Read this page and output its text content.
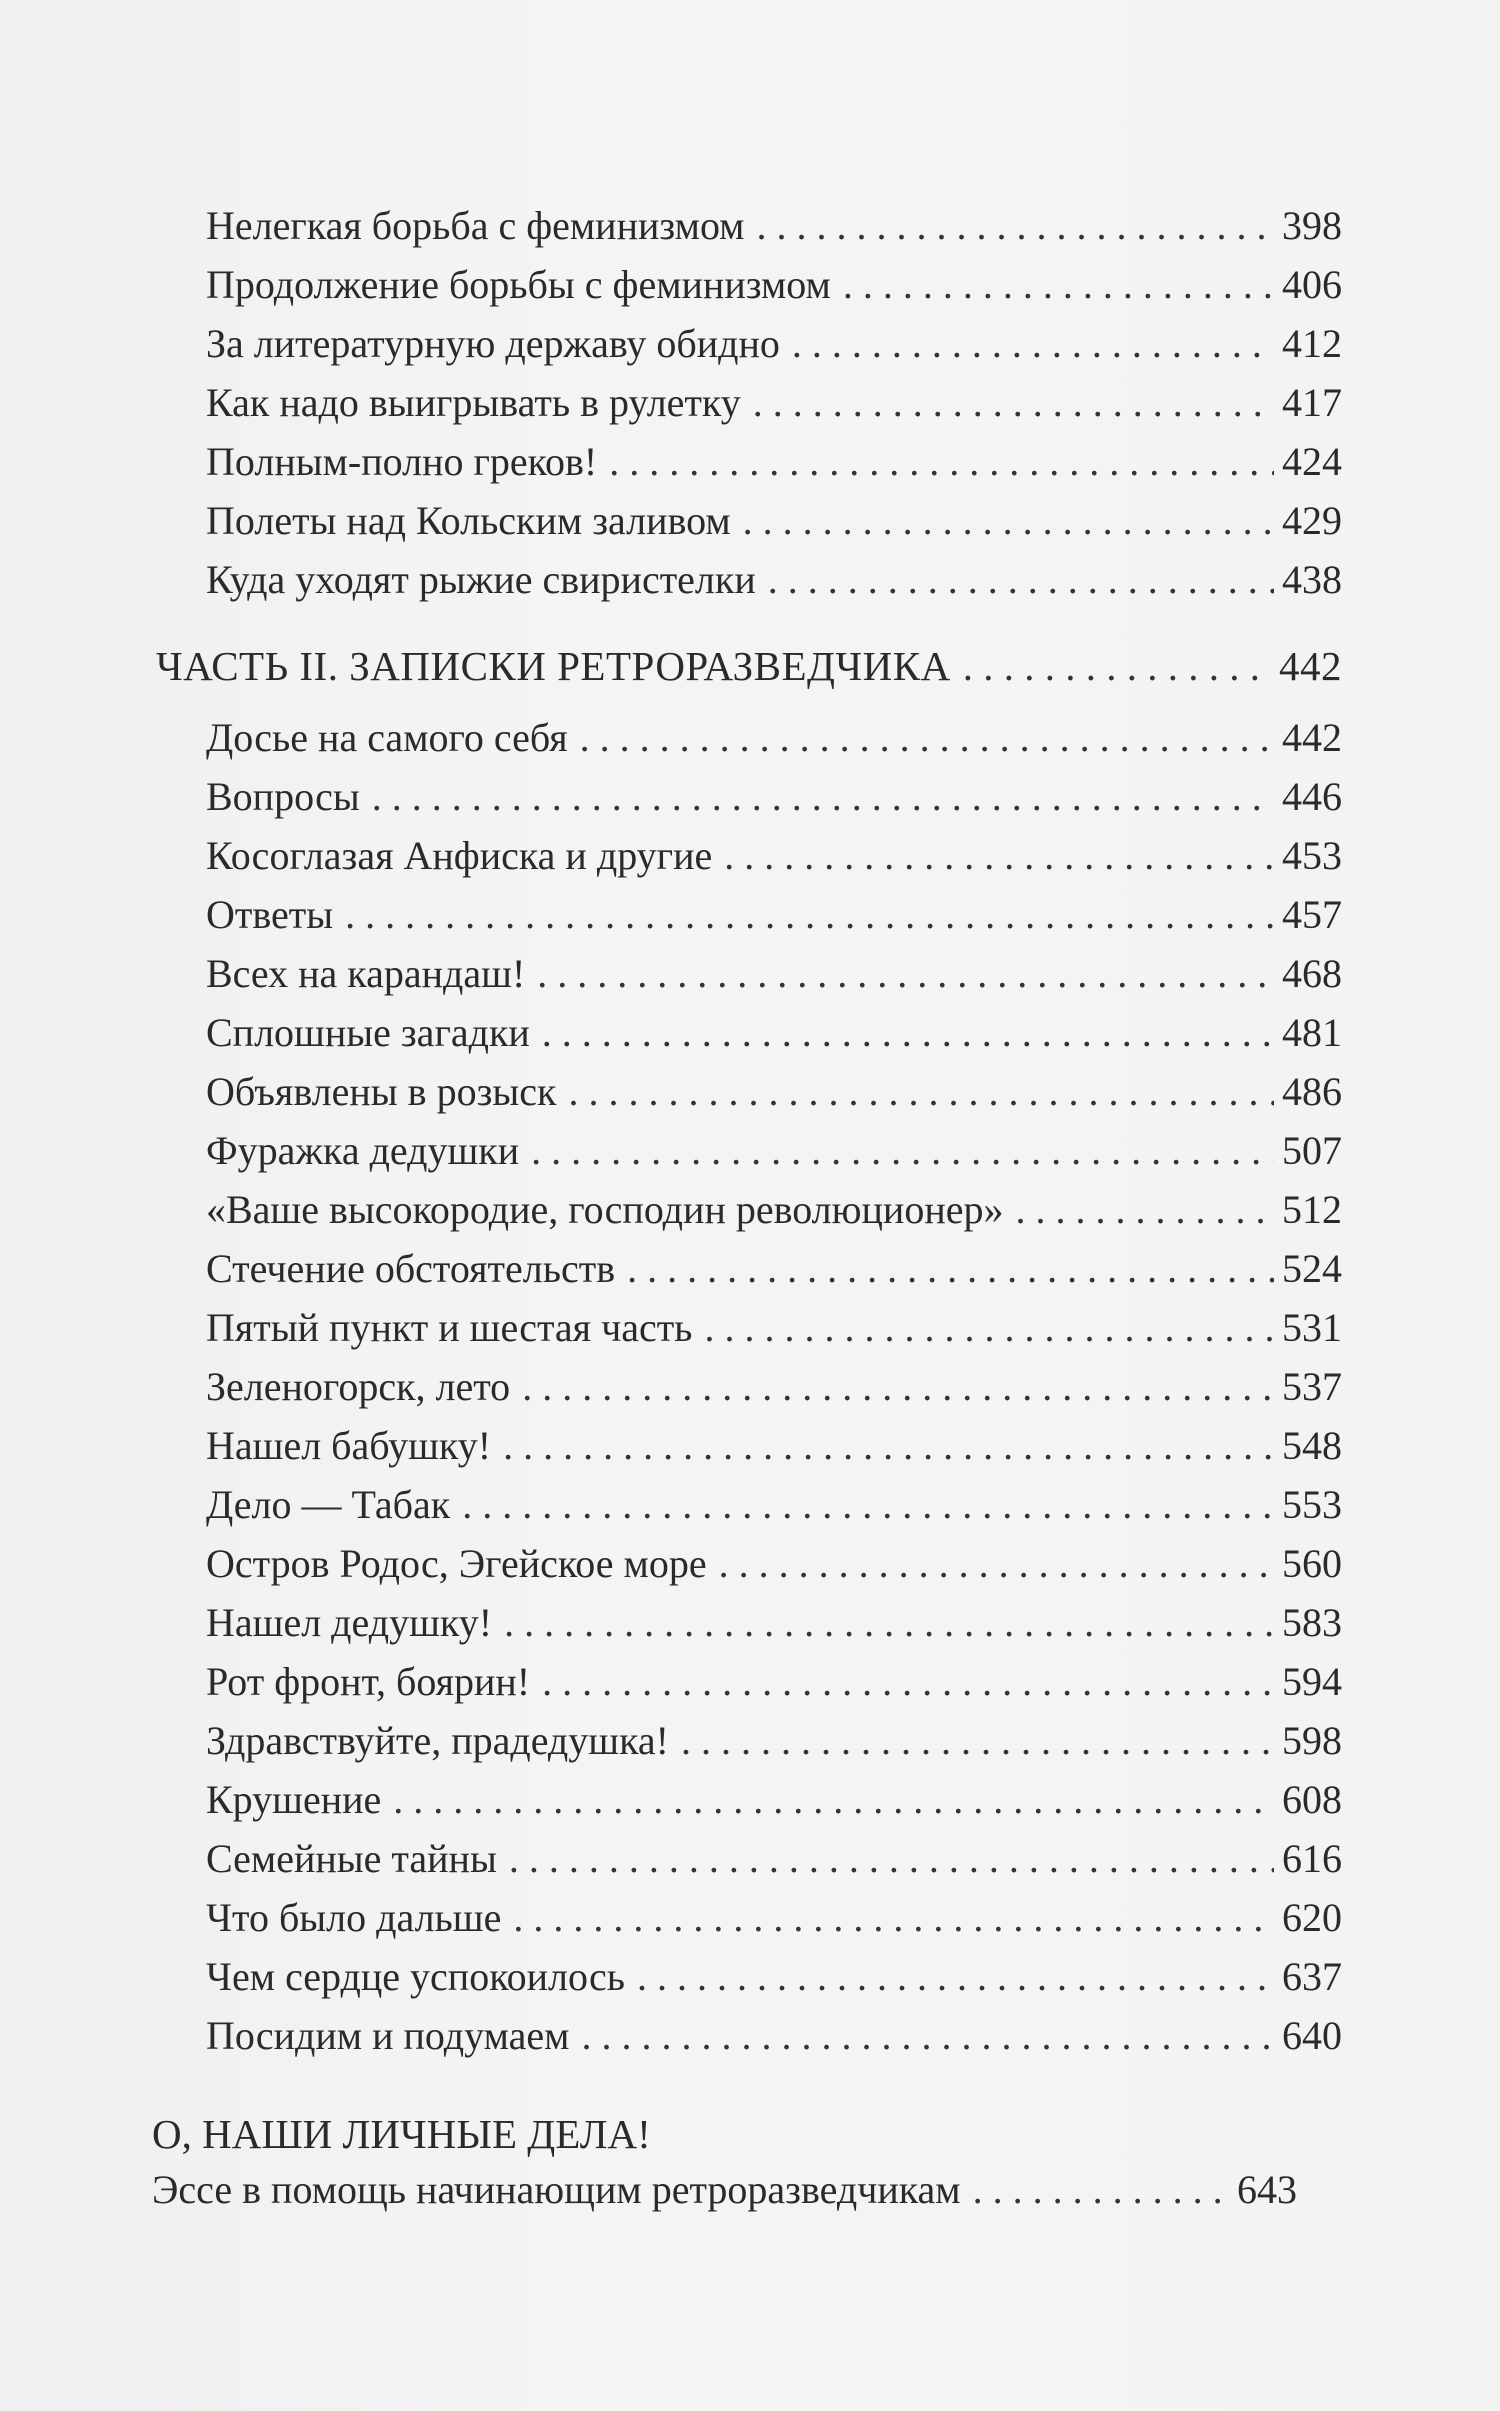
Нелегкая борьба с феминизмом . . .	398
Продолжение борьбы с феминизмом . . .	406
За литературную державу обидно . . .	412
Как надо выигрывать в рулетку . . .	417
Полным-полно греков! . . .	424
Полеты над Кольским заливом . . .	429
Куда уходят рыжие свиристелки . . .	438
ЧАСТЬ II. ЗАПИСКИ РЕТРОРАЗВЕДЧИКА . . .	442
Досье на самого себя . . .	442
Вопросы . . .	446
Косоглазая Анфиска и другие . . .	453
Ответы . . .	457
Всех на карандаш! . . .	468
Сплошные загадки . . .	481
Объявлены в розыск . . .	486
Фуражка дедушки . . .	507
«Ваше высокородие, господин революционер» . . .	512
Стечение обстоятельств . . .	524
Пятый пункт и шестая часть . . .	531
Зеленогорск, лето . . .	537
Нашел бабушку! . . .	548
Дело — Табак . . .	553
Остров Родос, Эгейское море . . .	560
Нашел дедушку! . . .	583
Рот фронт, боярин! . . .	594
Здравствуйте, прадедушка! . . .	598
Крушение . . .	608
Семейные тайны . . .	616
Что было дальше . . .	620
Чем сердце успокоилось . . .	637
Посидим и подумаем . . .	640
О, НАШИ ЛИЧНЫЕ ДЕЛА!
Эссе в помощь начинающим ретроразведчикам . . .	643
